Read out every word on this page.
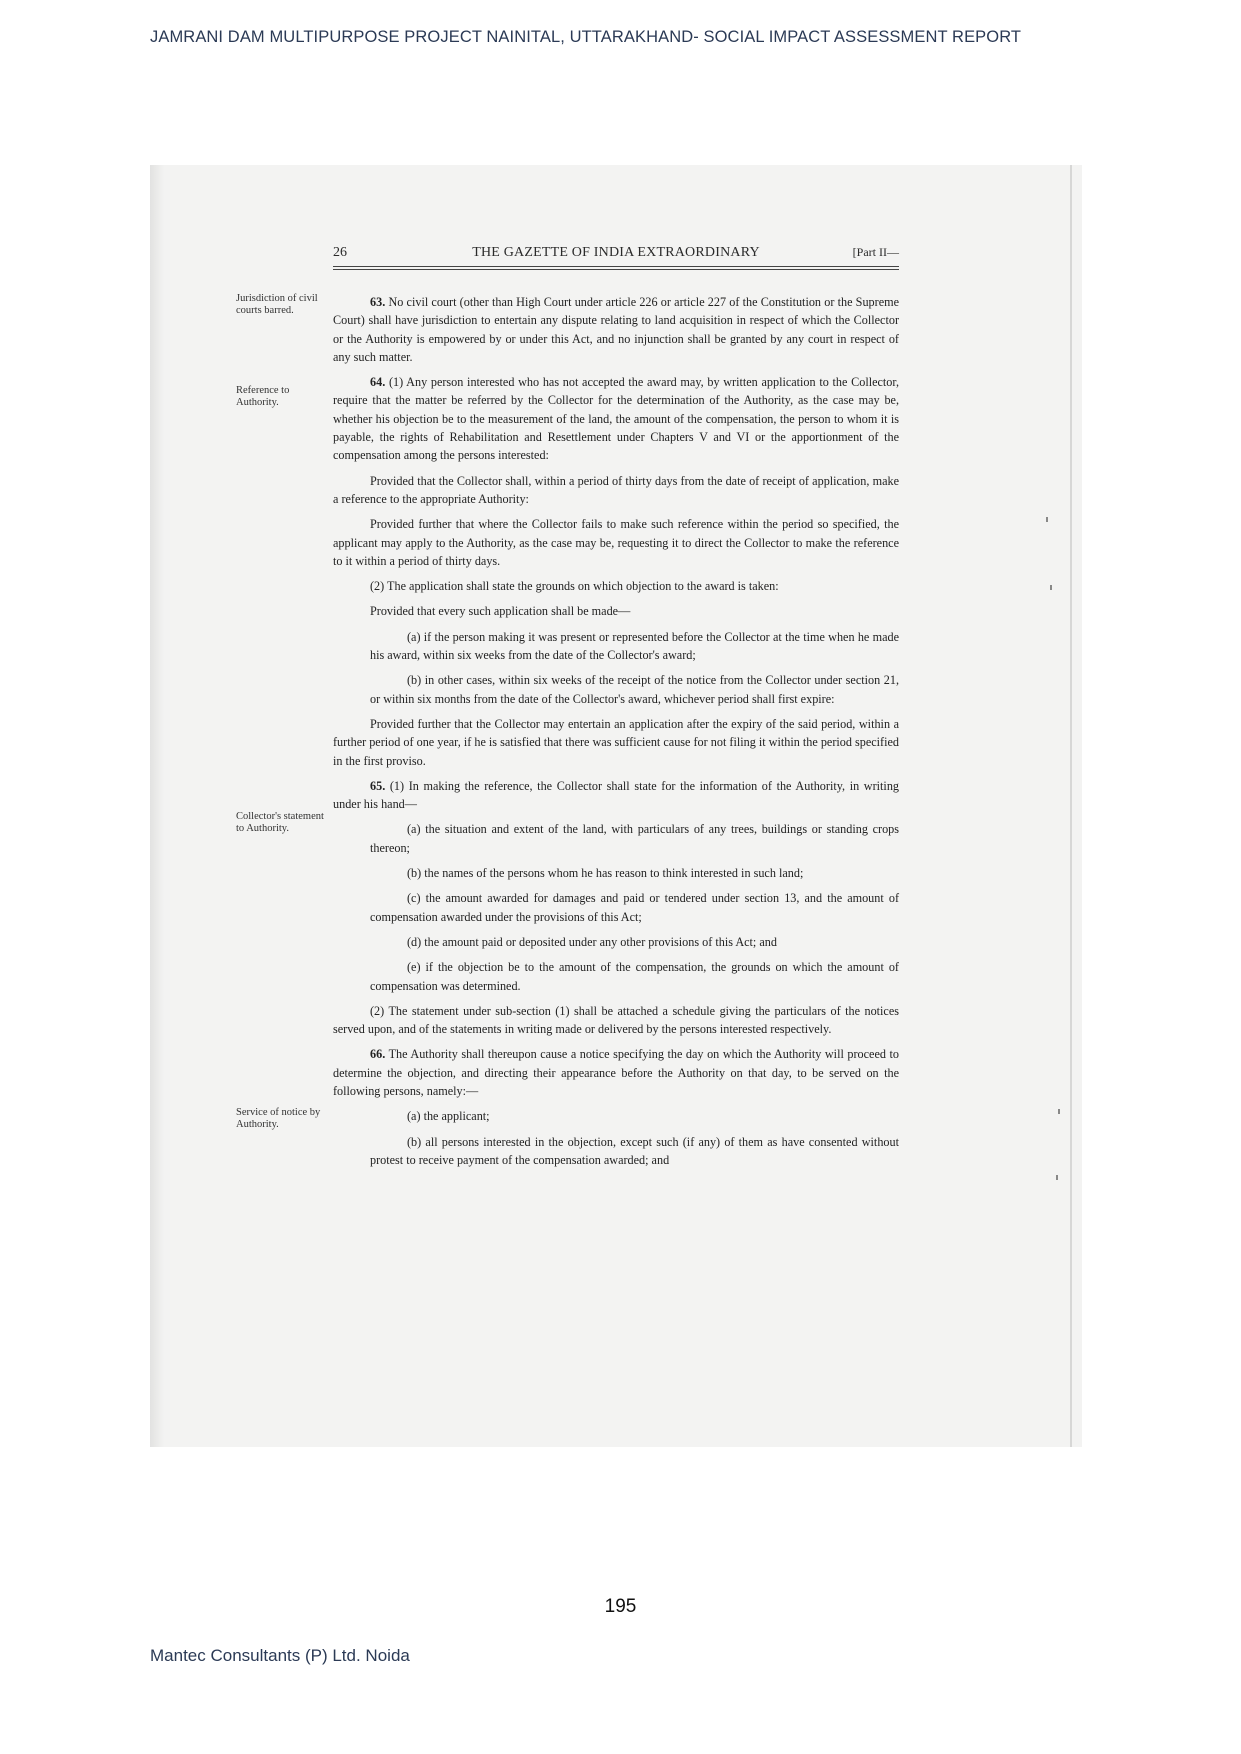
JAMRANI DAM MULTIPURPOSE PROJECT NAINITAL, UTTARAKHAND- SOCIAL IMPACT ASSESSMENT REPORT
26	THE GAZETTE OF INDIA EXTRAORDINARY	[Part II—
Jurisdiction of civil courts barred.
Reference to Authority.
Collector's statement to Authority.
Service of notice by Authority.

63. No civil court (other than High Court under article 226 or article 227 of the Constitution or the Supreme Court) shall have jurisdiction to entertain any dispute relating to land acquisition in respect of which the Collector or the Authority is empowered by or under this Act, and no injunction shall be granted by any court in respect of any such matter.

64. (1) Any person interested who has not accepted the award may, by written application to the Collector, require that the matter be referred by the Collector for the determination of the Authority, as the case may be, whether his objection be to the measurement of the land, the amount of the compensation, the person to whom it is payable, the rights of Rehabilitation and Resettlement under Chapters V and VI or the apportionment of the compensation among the persons interested:

Provided that the Collector shall, within a period of thirty days from the date of receipt of application, make a reference to the appropriate Authority:

Provided further that where the Collector fails to make such reference within the period so specified, the applicant may apply to the Authority, as the case may be, requesting it to direct the Collector to make the reference to it within a period of thirty days.

(2) The application shall state the grounds on which objection to the award is taken:

Provided that every such application shall be made—

(a) if the person making it was present or represented before the Collector at the time when he made his award, within six weeks from the date of the Collector's award;

(b) in other cases, within six weeks of the receipt of the notice from the Collector under section 21, or within six months from the date of the Collector's award, whichever period shall first expire:

Provided further that the Collector may entertain an application after the expiry of the said period, within a further period of one year, if he is satisfied that there was sufficient cause for not filing it within the period specified in the first proviso.

65. (1) In making the reference, the Collector shall state for the information of the Authority, in writing under his hand—

(a) the situation and extent of the land, with particulars of any trees, buildings or standing crops thereon;

(b) the names of the persons whom he has reason to think interested in such land;

(c) the amount awarded for damages and paid or tendered under section 13, and the amount of compensation awarded under the provisions of this Act;

(d) the amount paid or deposited under any other provisions of this Act; and

(e) if the objection be to the amount of the compensation, the grounds on which the amount of compensation was determined.

(2) The statement under sub-section (1) shall be attached a schedule giving the particulars of the notices served upon, and of the statements in writing made or delivered by the persons interested respectively.

66. The Authority shall thereupon cause a notice specifying the day on which the Authority will proceed to determine the objection, and directing their appearance before the Authority on that day, to be served on the following persons, namely:—

(a) the applicant;

(b) all persons interested in the objection, except such (if any) of them as have consented without protest to receive payment of the compensation awarded; and

195
Mantec Consultants (P) Ltd. Noida
